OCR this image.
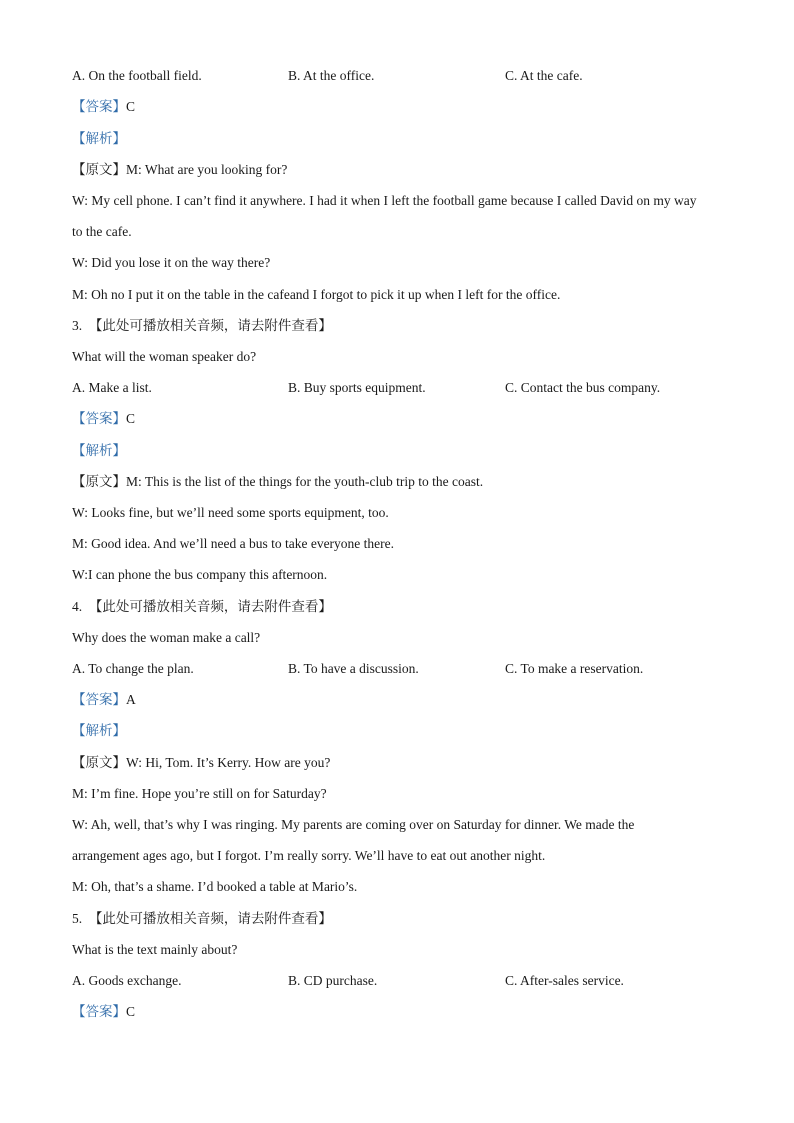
A. On the football field.	B. At the office.	C. At the cafe.
【答案】C
【解析】
【原文】M: What are you looking for?
W: My cell phone. I can’t find it anywhere. I had it when I left the football game because I called David on my way
to the cafe.
W: Did you lose it on the way there?
M: Oh no I put it on the table in the cafeand I forgot to pick it up when I left for the office.
3. 【此处可播放相关音频，请去附件查看】
What will the woman speaker do?
A. Make a list.	B. Buy sports equipment.	C. Contact the bus company.
【答案】C
【解析】
【原文】M: This is the list of the things for the youth-club trip to the coast.
W: Looks fine, but we’ll need some sports equipment, too.
M: Good idea. And we’ll need a bus to take everyone there.
W:I can phone the bus company this afternoon.
4. 【此处可播放相关音频，请去附件查看】
Why does the woman make a call?
A. To change the plan.	B. To have a discussion.	C. To make a reservation.
【答案】A
【解析】
【原文】W: Hi, Tom. It’s Kerry. How are you?
M: I’m fine. Hope you’re still on for Saturday?
W: Ah, well, that’s why I was ringing. My parents are coming over on Saturday for dinner. We made the
arrangement ages ago, but I forgot. I’m really sorry. We’ll have to eat out another night.
M: Oh, that’s a shame. I’d booked a table at Mario’s.
5. 【此处可播放相关音频，请去附件查看】
What is the text mainly about?
A. Goods exchange.	B. CD purchase.	C. After-sales service.
【答案】C
